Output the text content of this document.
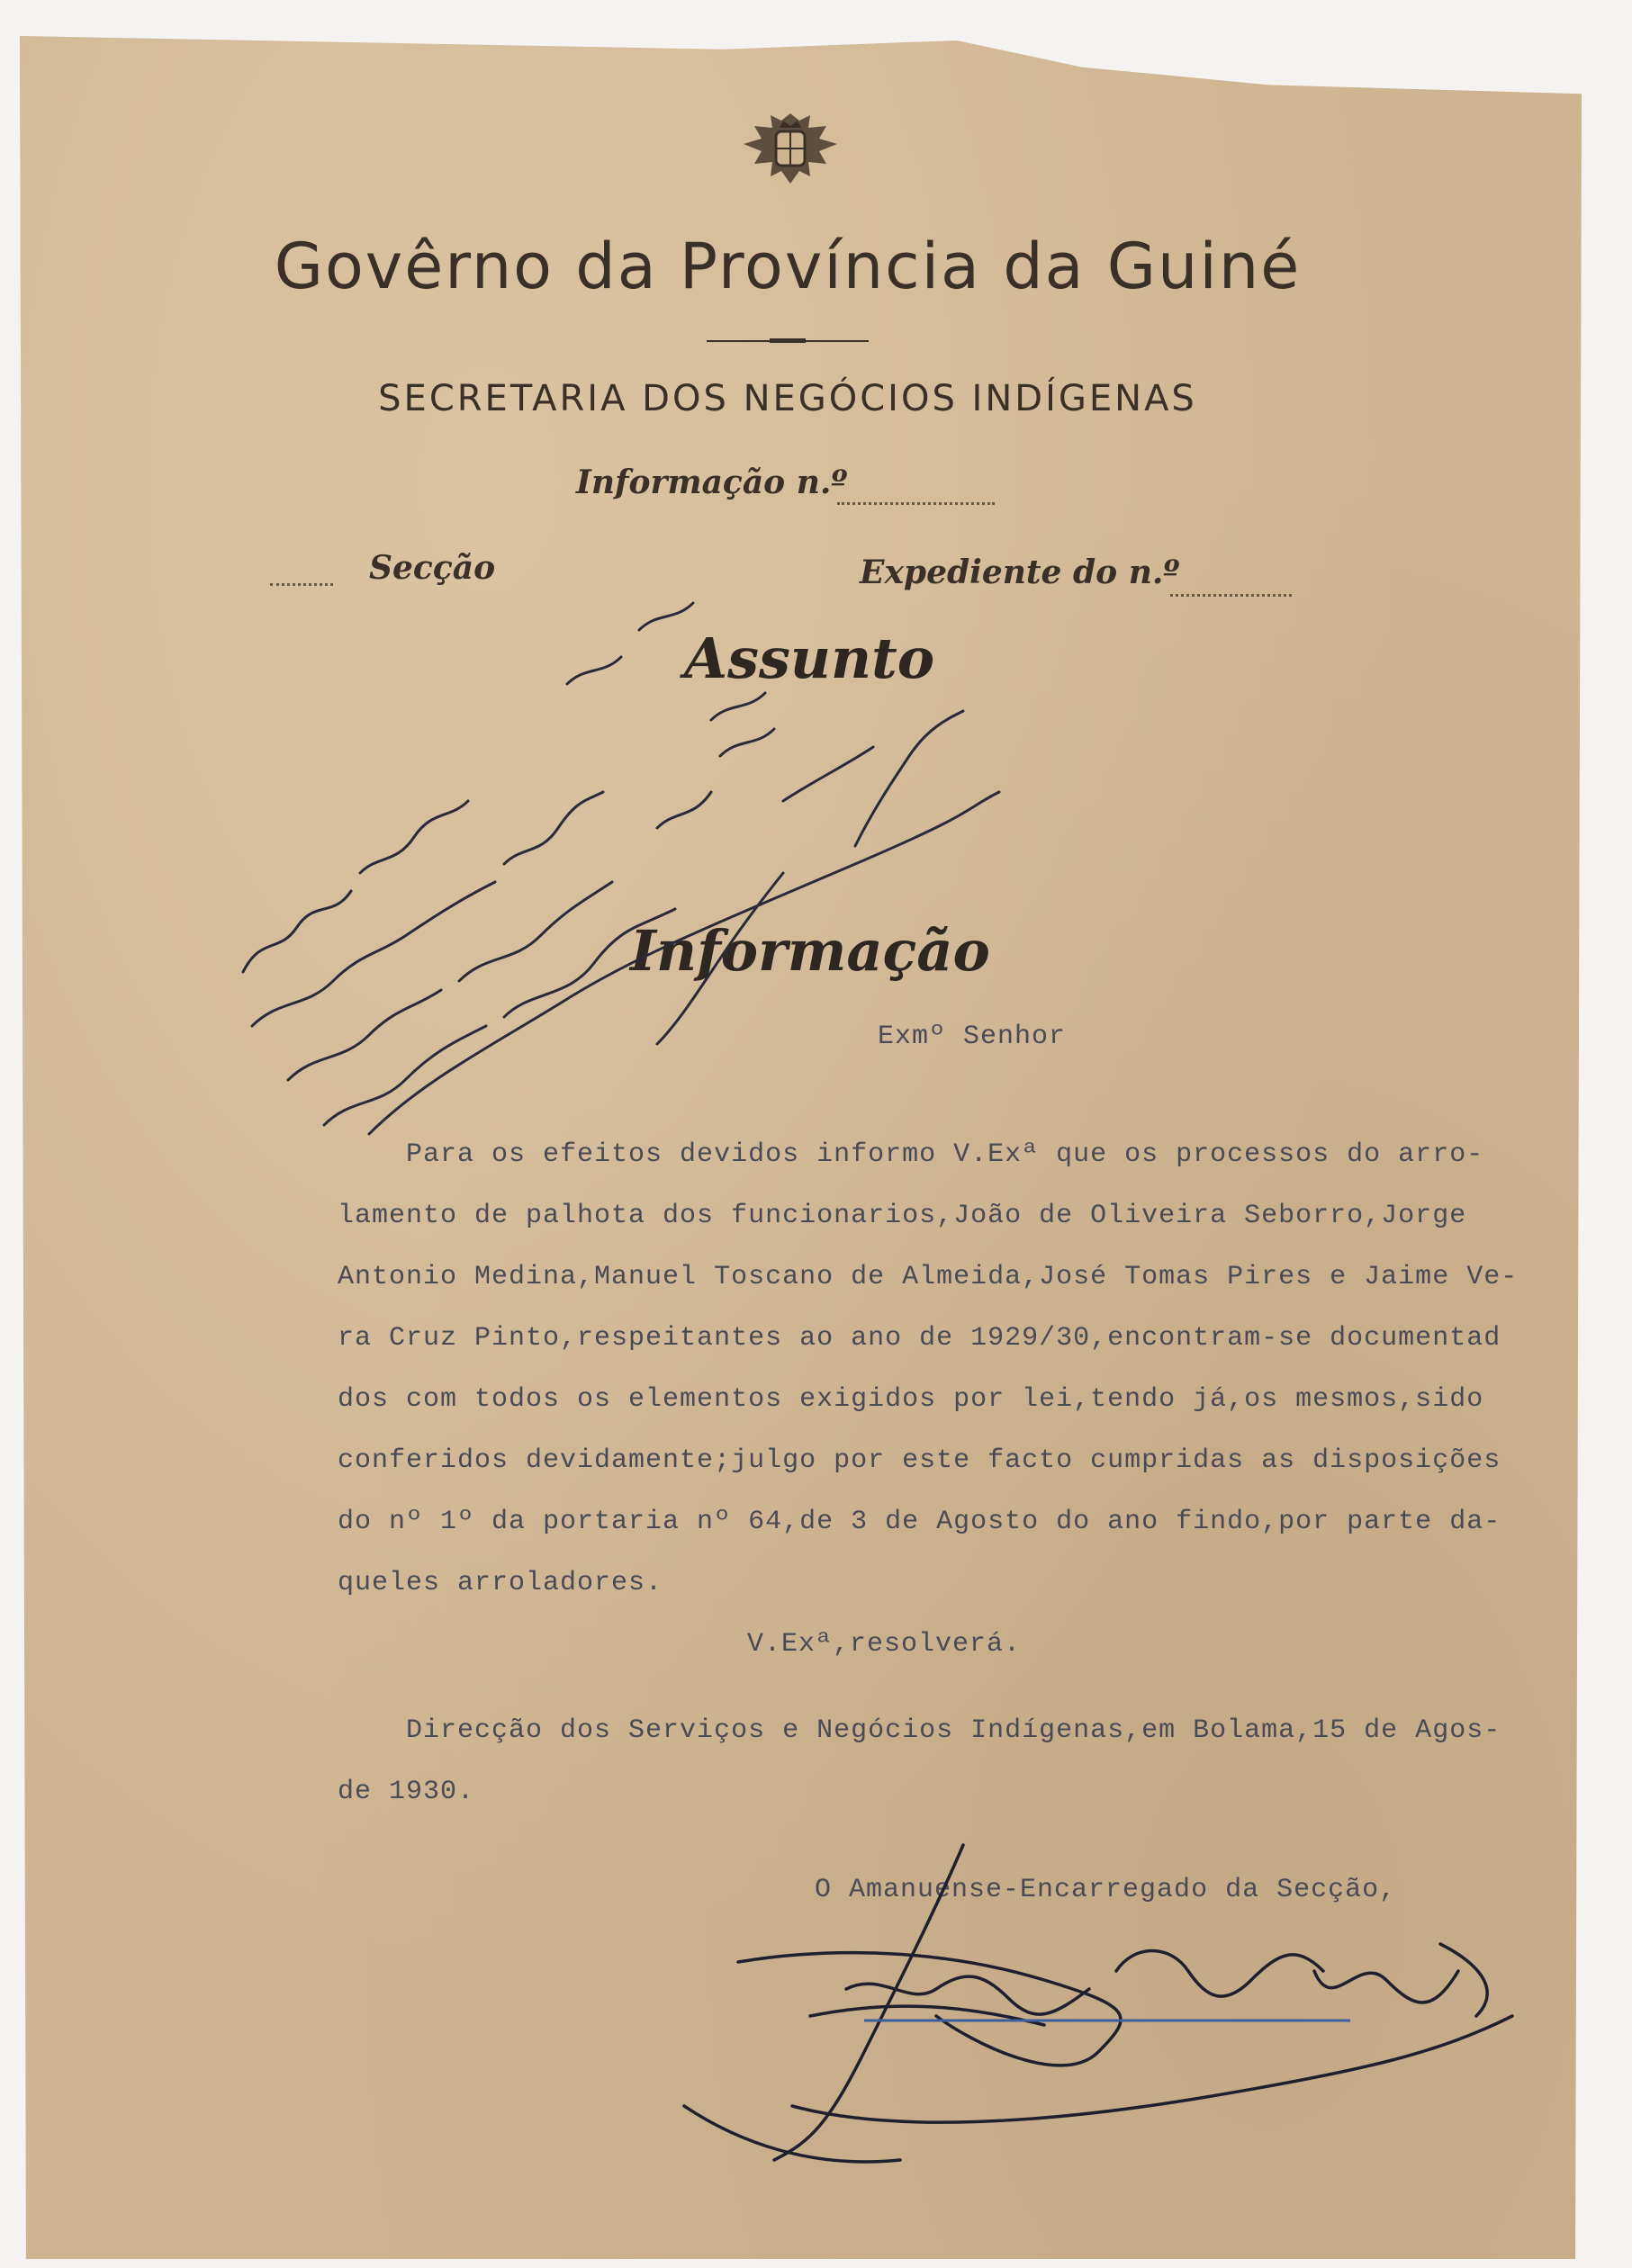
Govêrno da Província da Guiné
SECRETARIA DOS NEGÓCIOS INDÍGENAS
Informação n.º
Secção	Expediente do n.º
Assunto
Informação
Exmº Senhor
Para os efeitos devidos informo V.Exª que os processos do arro-
lamento de palhota dos funcionarios,João de Oliveira Seborro,Jorge
Antonio Medina,Manuel Toscano de Almeida,José Tomas Pires e Jaime Ve-
ra Cruz Pinto,respeitantes ao ano de 1929/30,encontram-se documentad
dos com todos os elementos exigidos por lei,tendo já,os mesmos,sido
conferidos devidamente;julgo por este facto cumpridas as disposições
do nº 1º da portaria nº 64,de 3 de Agosto do ano findo,por parte da-
queles arroladores.
V.Exª,resolverá.
Direcção dos Serviços e Negócios Indígenas,em Bolama,15 de Agos-
de 1930.
O Amanuense-Encarregado da Secção,
